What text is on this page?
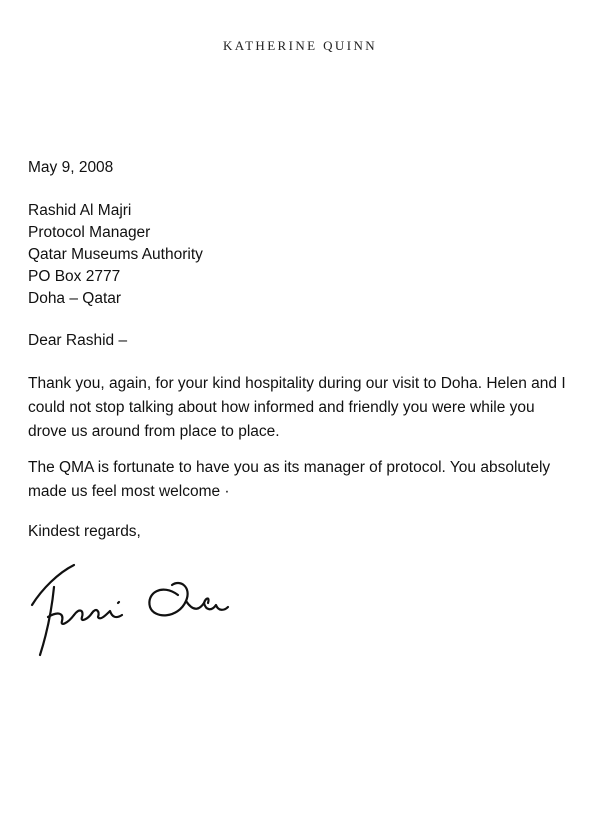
KATHERINE QUINN
May 9, 2008
Rashid Al Majri
Protocol Manager
Qatar Museums Authority
PO Box 2777
Doha – Qatar
Dear Rashid –
Thank you, again, for your kind hospitality during our visit to Doha. Helen and I
could not stop talking about how informed and friendly you were while you
drove us around from place to place.
The QMA is fortunate to have you as its manager of protocol. You absolutely
made us feel most welcome ·
Kindest regards,
